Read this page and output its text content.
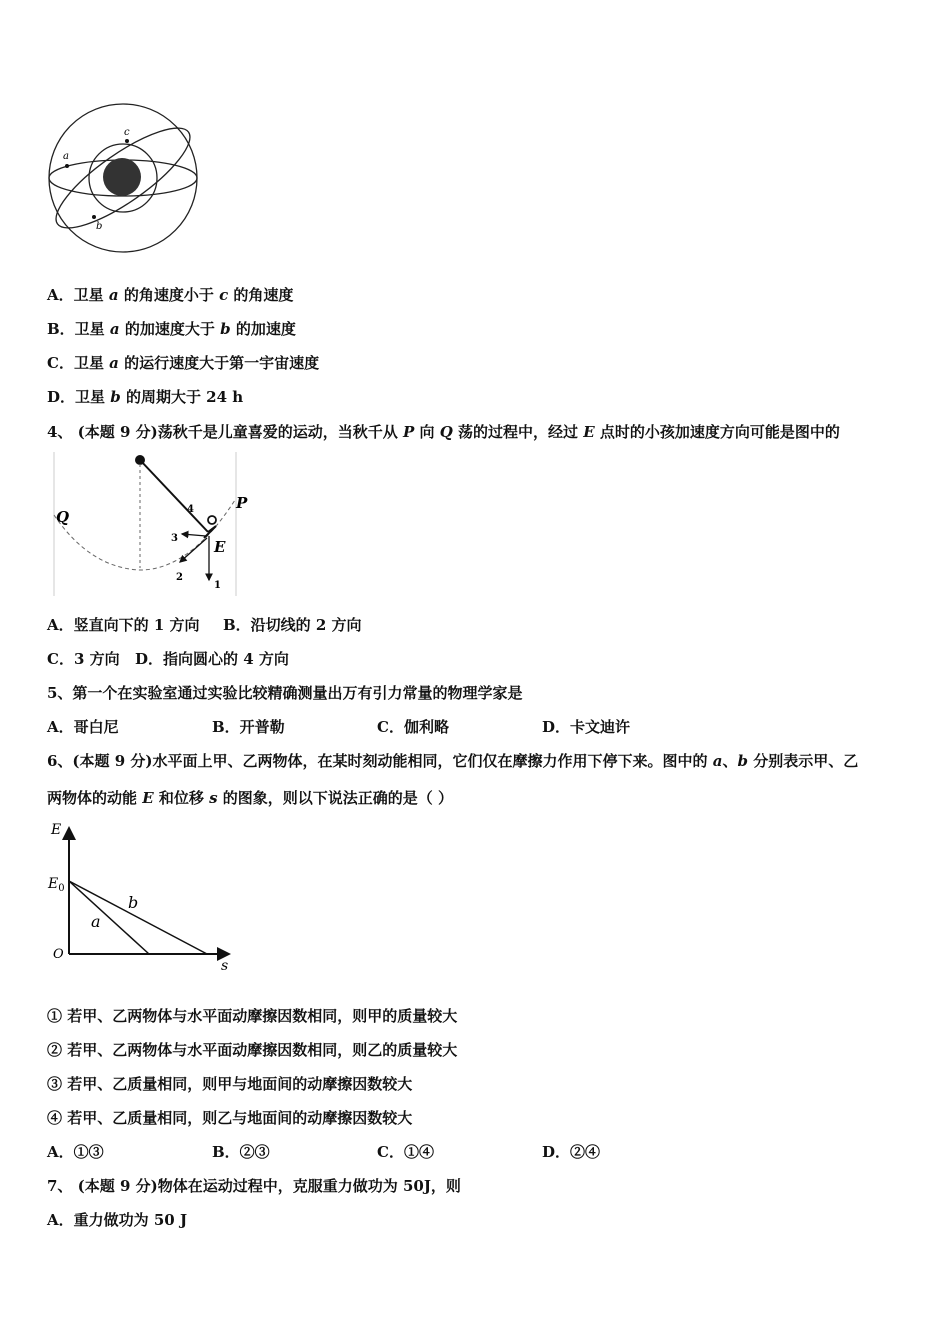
a
c
b
A．卫星 a 的角速度小于 c 的角速度
B．卫星 a 的加速度大于 b 的加速度
C．卫星 a 的运行速度大于第一宇宙速度
D．卫星 b 的周期大于 24 h
4、 (本题 9 分)荡秋千是儿童喜爱的运动，当秋千从 P 向 Q 荡的过程中，经过 E 点时的小孩加速度方向可能是图中的
Q
P
E
1
2
3
4
A．竖直向下的 1 方向 B．沿切线的 2 方向
C．3 方向 D．指向圆心的 4 方向
5、第一个在实验室通过实验比较精确测量出万有引力常量的物理学家是
A．哥白尼	B．开普勒	C．伽利略	D．卡文迪许
6、(本题 9 分)水平面上甲、乙两物体，在某时刻动能相同，它们仅在摩擦力作用下停下来。图中的 a、b 分别表示甲、乙
两物体的动能 E 和位移 s 的图象，则以下说法正确的是（ ）
E
$E_0$
O
s
a
b
① 若甲、乙两物体与水平面动摩擦因数相同，则甲的质量较大
② 若甲、乙两物体与水平面动摩擦因数相同，则乙的质量较大
③ 若甲、乙质量相同，则甲与地面间的动摩擦因数较大
④ 若甲、乙质量相同，则乙与地面间的动摩擦因数较大
A．①③	B．②③	C．①④	D．②④
7、 (本题 9 分)物体在运动过程中，克服重力做功为 50J，则
A．重力做功为 50 J
